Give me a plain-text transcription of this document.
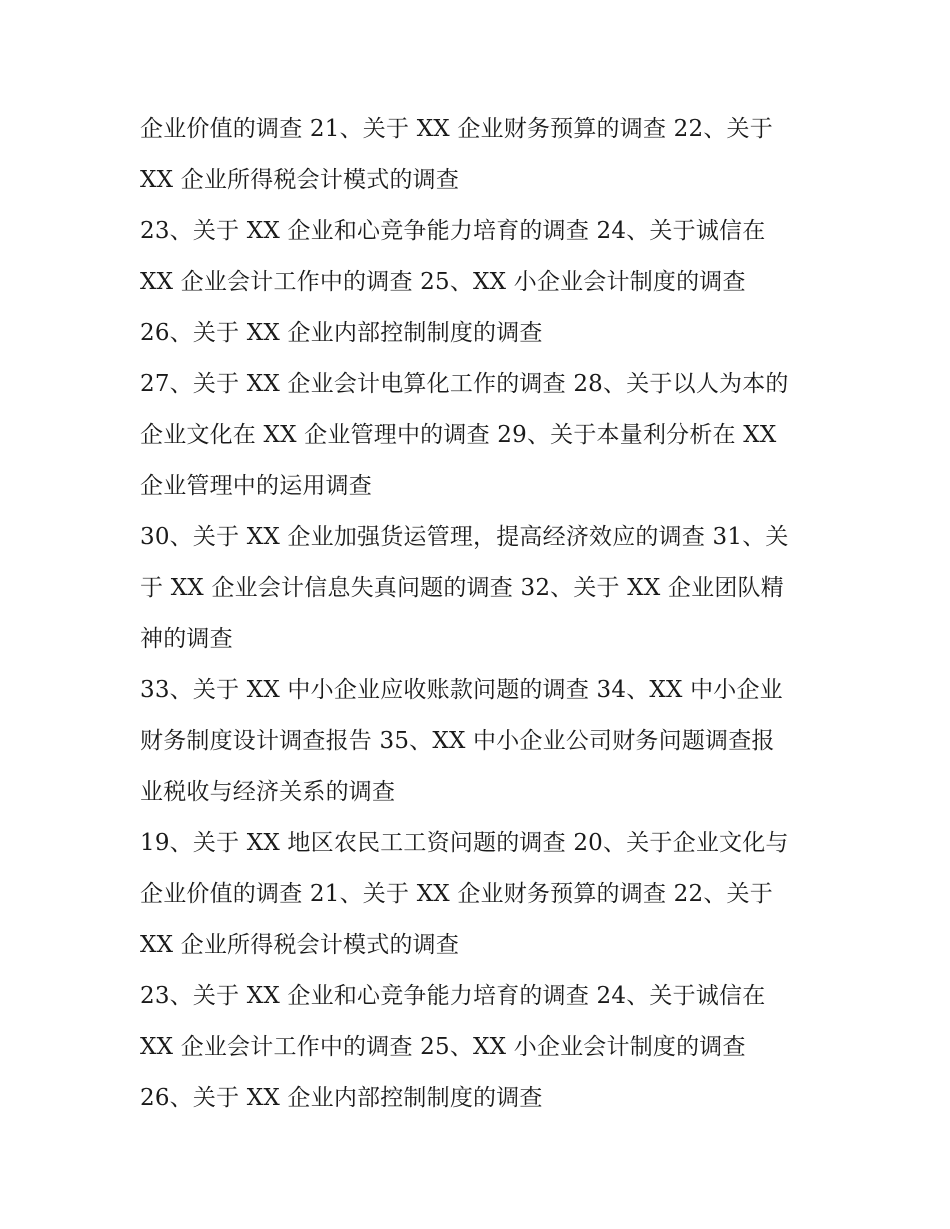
企业价值的调查 21、关于 XX 企业财务预算的调查 22、关于
XX 企业所得税会计模式的调查
23、关于 XX 企业和心竞争能力培育的调查 24、关于诚信在
XX 企业会计工作中的调查 25、XX 小企业会计制度的调查
26、关于 XX 企业内部控制制度的调查
27、关于 XX 企业会计电算化工作的调查 28、关于以人为本的
企业文化在 XX 企业管理中的调查 29、关于本量利分析在 XX
企业管理中的运用调查
30、关于 XX 企业加强货运管理，提高经济效应的调查 31、关
于 XX 企业会计信息失真问题的调查 32、关于 XX 企业团队精
神的调查
33、关于 XX 中小企业应收账款问题的调查 34、XX 中小企业
财务制度设计调查报告 35、XX 中小企业公司财务问题调查报
业税收与经济关系的调查
19、关于 XX 地区农民工工资问题的调查 20、关于企业文化与
企业价值的调查 21、关于 XX 企业财务预算的调查 22、关于
XX 企业所得税会计模式的调查
23、关于 XX 企业和心竞争能力培育的调查 24、关于诚信在
XX 企业会计工作中的调查 25、XX 小企业会计制度的调查
26、关于 XX 企业内部控制制度的调查
